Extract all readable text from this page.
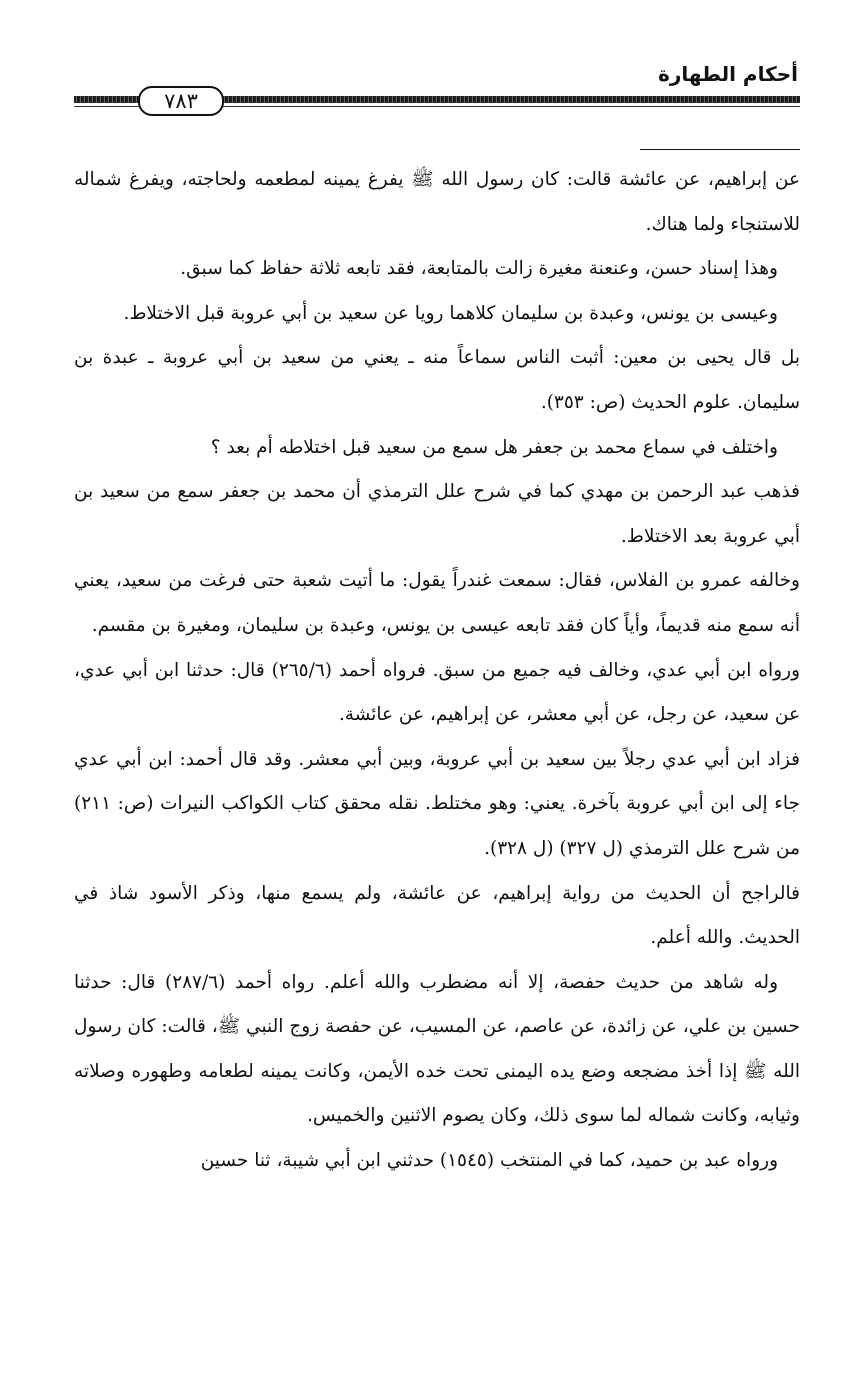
أحكام الطهارة
٧٨٣

عن إبراهيم، عن عائشة قالت: كان رسول الله ﷺ يفرغ يمينه لمطعمه ولحاجته، ويفرغ شماله للاستنجاء ولما هناك.

وهذا إسناد حسن، وعنعنة مغيرة زالت بالمتابعة، فقد تابعه ثلاثة حفاظ كما سبق.

وعيسى بن يونس، وعبدة بن سليمان كلاهما رويا عن سعيد بن أبي عروبة قبل الاختلاط.

بل قال يحيى بن معين: أثبت الناس سماعاً منه ـ يعني من سعيد بن أبي عروبة ـ عبدة بن سليمان. علوم الحديث (ص: ٣٥٣).

واختلف في سماع محمد بن جعفر هل سمع من سعيد قبل اختلاطه أم بعد ؟

فذهب عبد الرحمن بن مهدي كما في شرح علل الترمذي أن محمد بن جعفر سمع من سعيد بن أبي عروبة بعد الاختلاط.

وخالفه عمرو بن الفلاس، فقال: سمعت غندراً يقول: ما أتيت شعبة حتى فرغت من سعيد، يعني أنه سمع منه قديماً، وأياً كان فقد تابعه عيسى بن يونس، وعبدة بن سليمان، ومغيرة بن مقسم.

ورواه ابن أبي عدي، وخالف فيه جميع من سبق. فرواه أحمد (٢٦٥/٦) قال: حدثنا ابن أبي عدي، عن سعيد، عن رجل، عن أبي معشر، عن إبراهيم، عن عائشة.

فزاد ابن أبي عدي رجلاً بين سعيد بن أبي عروبة، وبين أبي معشر. وقد قال أحمد: ابن أبي عدي جاء إلى ابن أبي عروبة بآخرة. يعني: وهو مختلط. نقله محقق كتاب الكواكب النيرات (ص: ٢١١) من شرح علل الترمذي (ل ٣٢٧) (ل ٣٢٨).

فالراجح أن الحديث من رواية إبراهيم، عن عائشة، ولم يسمع منها، وذكر الأسود شاذ في الحديث. والله أعلم.

وله شاهد من حديث حفصة، إلا أنه مضطرب والله أعلم. رواه أحمد (٢٨٧/٦) قال: حدثنا حسين بن علي، عن زائدة، عن عاصم، عن المسيب، عن حفصة زوج النبي ﷺ، قالت: كان رسول الله ﷺ إذا أخذ مضجعه وضع يده اليمنى تحت خده الأيمن، وكانت يمينه لطعامه وطهوره وصلاته وثيابه، وكانت شماله لما سوى ذلك، وكان يصوم الاثنين والخميس.

ورواه عبد بن حميد، كما في المنتخب (١٥٤٥) حدثني ابن أبي شيبة، ثنا حسين
